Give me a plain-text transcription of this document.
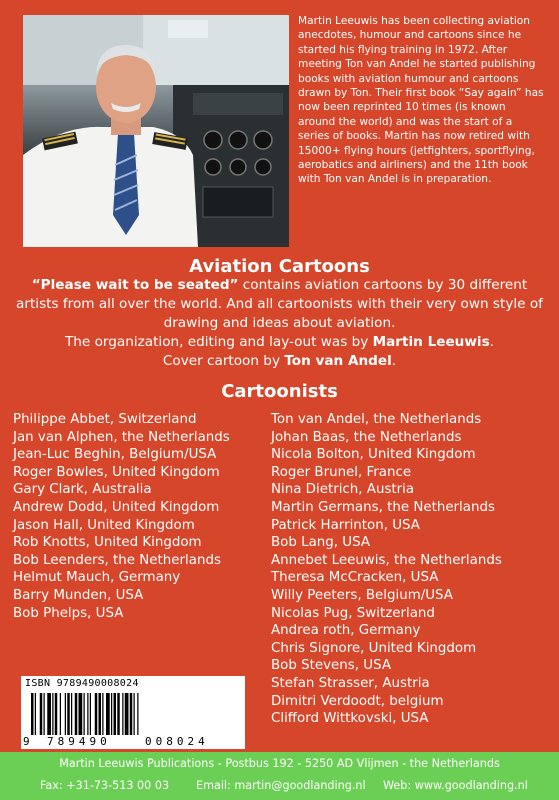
Martin Leeuwis has been collecting aviation anecdotes, humour and cartoons since he started his flying training in 1972. After meeting Ton van Andel he started publishing books with aviation humour and cartoons drawn by Ton. Their first book “Say again” has now been reprinted 10 times (is known around the world) and was the start of a series of books. Martin has now retired with 15000+ flying hours (jetfighters, sportflying, aerobatics and airliners) and the 11th book with Ton van Andel is in preparation.
Aviation Cartoons

“Please wait to be seated” contains aviation cartoons by 30 different artists from all over the world. And all cartoonists with their very own style of drawing and ideas about aviation.

The organization, editing and lay-out was by Martin Leeuwis.

Cover cartoon by Ton van Andel.

Cartoonists
Philippe Abbet, Switzerland
Jan van Alphen, the Netherlands
Jean-Luc Beghin, Belgium/USA
Roger Bowles, United Kingdom
Gary Clark, Australia
Andrew Dodd, United Kingdom
Jason Hall, United Kingdom
Rob Knotts, United Kingdom
Bob Leenders, the Netherlands
Helmut Mauch, Germany
Barry Munden, USA
Bob Phelps, USA
Ton van Andel, the Netherlands
Johan Baas, the Netherlands
Nicola Bolton, United Kingdom
Roger Brunel, France
Nina Dietrich, Austria
Martin Germans, the Netherlands
Patrick Harrinton, USA
Bob Lang, USA
Annebet Leeuwis, the Netherlands
Theresa McCracken, USA
Willy Peeters, Belgium/USA
Nicolas Pug, Switzerland
Andrea roth, Germany
Chris Signore, United Kingdom
Bob Stevens, USA
Stefan Strasser, Austria
Dimitri Verdoodt, belgium
Clifford Wittkovski, USA
ISBN 9789490008024
9 789490	008024
Martin Leeuwis Publications - Postbus 192 - 5250 AD Vlijmen - the Netherlands
Fax: +31-73-513 00 03 Email: martin@goodlanding.nl Web: www.goodlanding.nl
